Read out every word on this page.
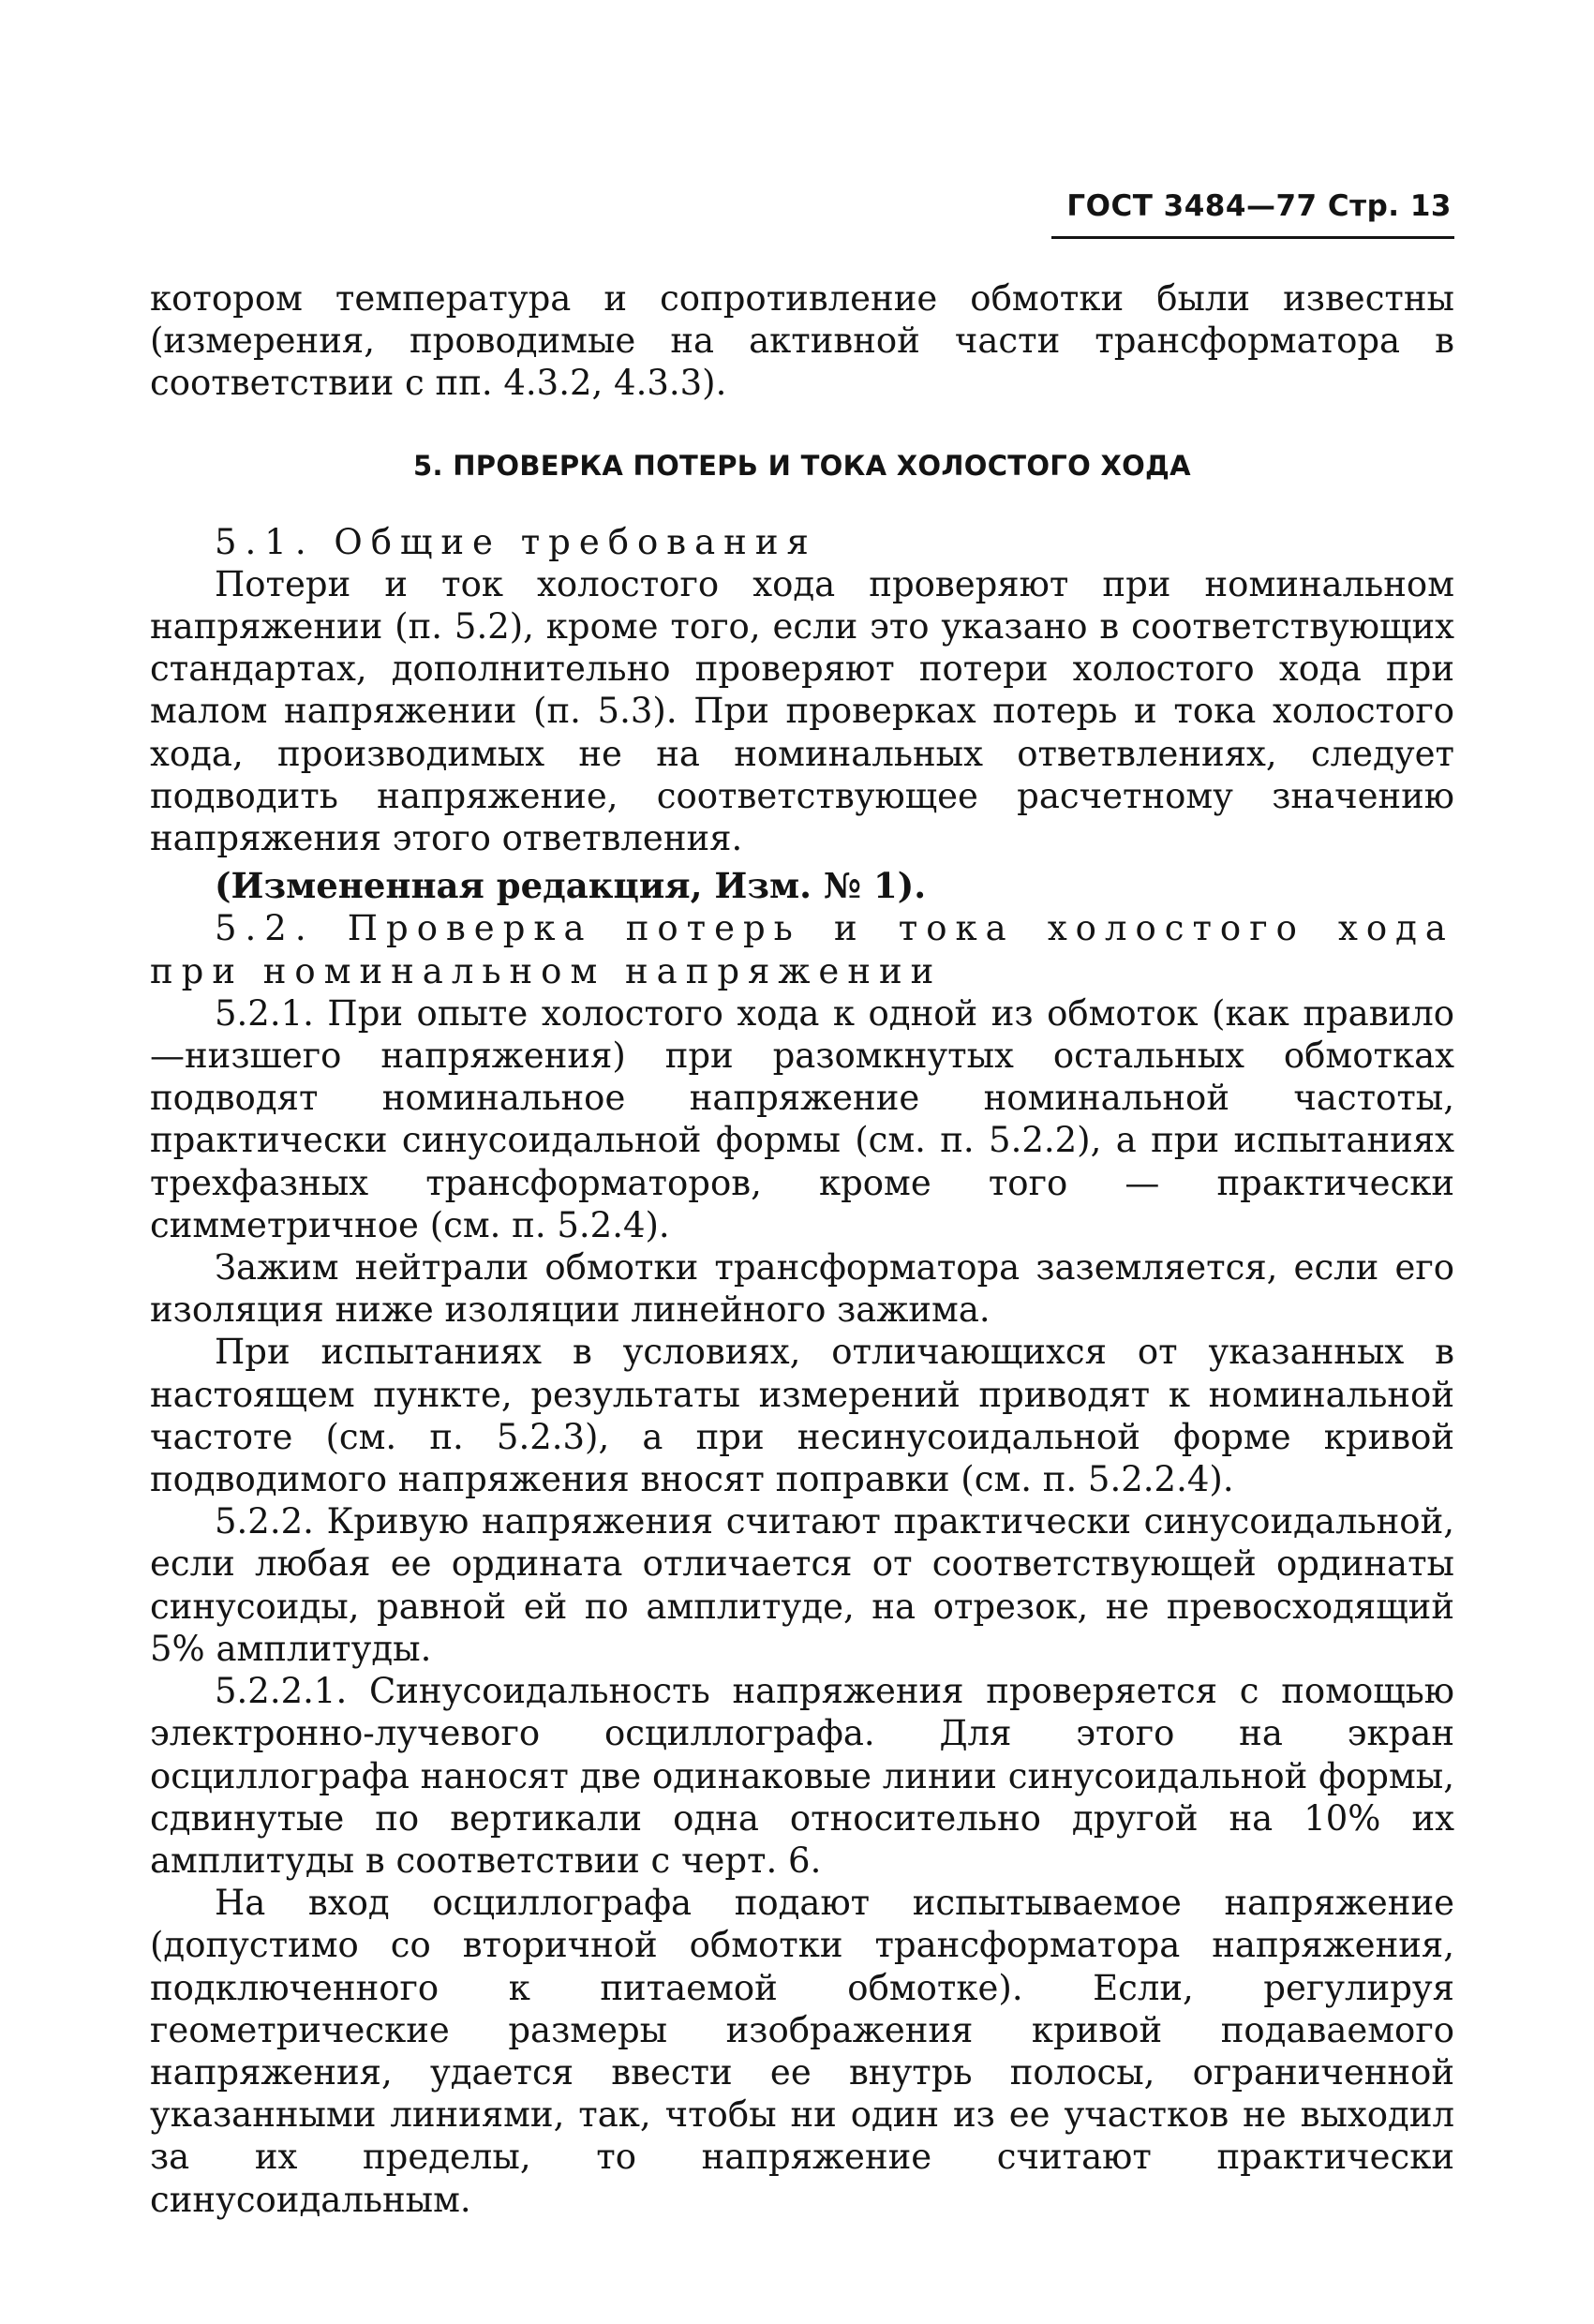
ГОСТ 3484—77 Стр. 13

котором температура и сопротивление обмотки были известны (измерения, проводимые на активной части трансформатора в соответствии с пп. 4.3.2, 4.3.3).

5. ПРОВЕРКА ПОТЕРЬ И ТОКА ХОЛОСТОГО ХОДА

5.1. Общие требования

Потери и ток холостого хода проверяют при номинальном напряжении (п. 5.2), кроме того, если это указано в соответствующих стандартах, дополнительно проверяют потери холостого хода при малом напряжении (п. 5.3). При проверках потерь и тока холостого хода, производимых не на номинальных ответвлениях, следует подводить напряжение, соответствующее расчетному значению напряжения этого ответвления.

(Измененная редакция, Изм. № 1).

5.2. Проверка потерь и тока холостого хода

при номинальном напряжении

5.2.1. При опыте холостого хода к одной из обмоток (как правило—низшего напряжения) при разомкнутых остальных обмотках подводят номинальное напряжение номинальной частоты, практически синусоидальной формы (см. п. 5.2.2), а при испытаниях трехфазных трансформаторов, кроме того — практически симметричное (см. п. 5.2.4).

Зажим нейтрали обмотки трансформатора заземляется, если его изоляция ниже изоляции линейного зажима.

При испытаниях в условиях, отличающихся от указанных в настоящем пункте, результаты измерений приводят к номинальной частоте (см. п. 5.2.3), а при несинусоидальной форме кривой подводимого напряжения вносят поправки (см. п. 5.2.2.4).

5.2.2. Кривую напряжения считают практически синусоидальной, если любая ее ордината отличается от соответствующей ординаты синусоиды, равной ей по амплитуде, на отрезок, не превосходящий 5% амплитуды.

5.2.2.1. Синусоидальность напряжения проверяется с помощью электронно-лучевого осциллографа. Для этого на экран осциллографа наносят две одинаковые линии синусоидальной формы, сдвинутые по вертикали одна относительно другой на 10% их амплитуды в соответствии с черт. 6.

На вход осциллографа подают испытываемое напряжение (допустимо со вторичной обмотки трансформатора напряжения, подключенного к питаемой обмотке). Если, регулируя геометрические размеры изображения кривой подаваемого напряжения, удается ввести ее внутрь полосы, ограниченной указанными линиями, так, чтобы ни один из ее участков не выходил за их пределы, то напряжение считают практически синусоидальным.
